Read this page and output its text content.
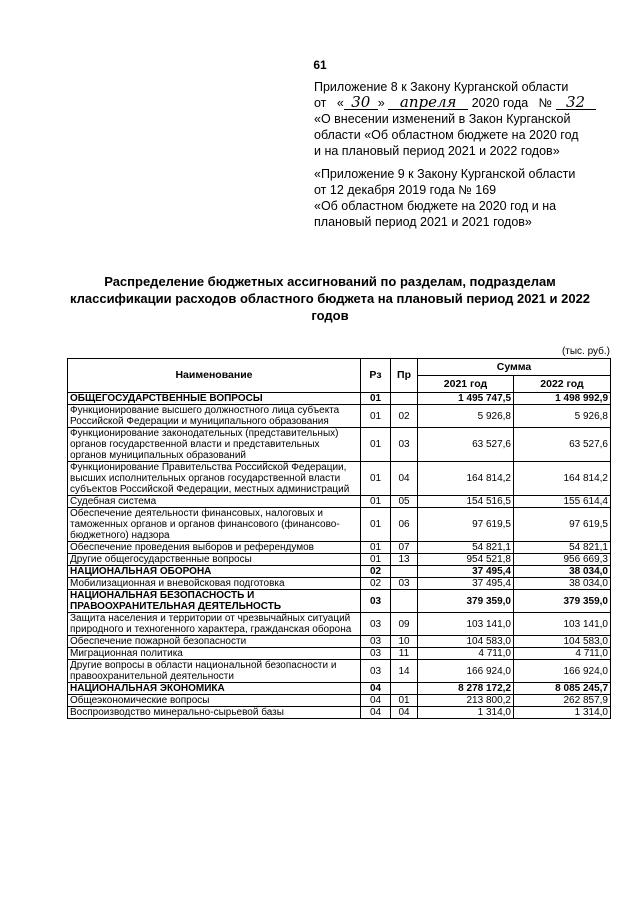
61
Приложение 8 к Закону Курганской области
от « 30 » апреля 2020 года № 32
«О внесении изменений в Закон Курганской
области «Об областном бюджете на 2020 год
и на плановый период 2021 и 2022 годов»
«Приложение 9 к Закону Курганской области
от 12 декабря 2019 года № 169
«Об областном бюджете на 2020 год и на
плановый период 2021 и 2021 годов»
Распределение бюджетных ассигнований по разделам, подразделам
классификации расходов областного бюджета на плановый период 2021 и 2022
годов
(тыс. руб.)
Наименование	Рз	Пр	Сумма	
			2021 год	2022 год
ОБЩЕГОСУДАРСТВЕННЫЕ ВОПРОСЫ	01		1 495 747,5	1 498 992,9
Функционирование высшего должностного лица субъекта Российской Федерации и муниципального образования	01	02	5 926,8	5 926,8
Функционирование законодательных (представительных) органов государственной власти и представительных органов муниципальных образований	01	03	63 527,6	63 527,6
Функционирование Правительства Российской Федерации, высших исполнительных органов государственной власти субъектов Российской Федерации, местных администраций	01	04	164 814,2	164 814,2
Судебная система	01	05	154 516,5	155 614,4
Обеспечение деятельности финансовых, налоговых и таможенных органов и органов финансового (финансово-бюджетного) надзора	01	06	97 619,5	97 619,5
Обеспечение проведения выборов и референдумов	01	07	54 821,1	54 821,1
Другие общегосударственные вопросы	01	13	954 521,8	956 669,3
НАЦИОНАЛЬНАЯ ОБОРОНА	02		37 495,4	38 034,0
Мобилизационная и вневойсковая подготовка	02	03	37 495,4	38 034,0
НАЦИОНАЛЬНАЯ БЕЗОПАСНОСТЬ И ПРАВООХРАНИТЕЛЬНАЯ ДЕЯТЕЛЬНОСТЬ	03		379 359,0	379 359,0
Защита населения и территории от чрезвычайных ситуаций природного и техногенного характера, гражданская оборона	03	09	103 141,0	103 141,0
Обеспечение пожарной безопасности	03	10	104 583,0	104 583,0
Миграционная политика	03	11	4 711,0	4 711,0
Другие вопросы в области национальной безопасности и правоохранительной деятельности	03	14	166 924,0	166 924,0
НАЦИОНАЛЬНАЯ ЭКОНОМИКА	04		8 278 172,2	8 085 245,7
Общеэкономические вопросы	04	01	213 800,2	262 857,9
Воспроизводство минерально-сырьевой базы	04	04	1 314,0	1 314,0
